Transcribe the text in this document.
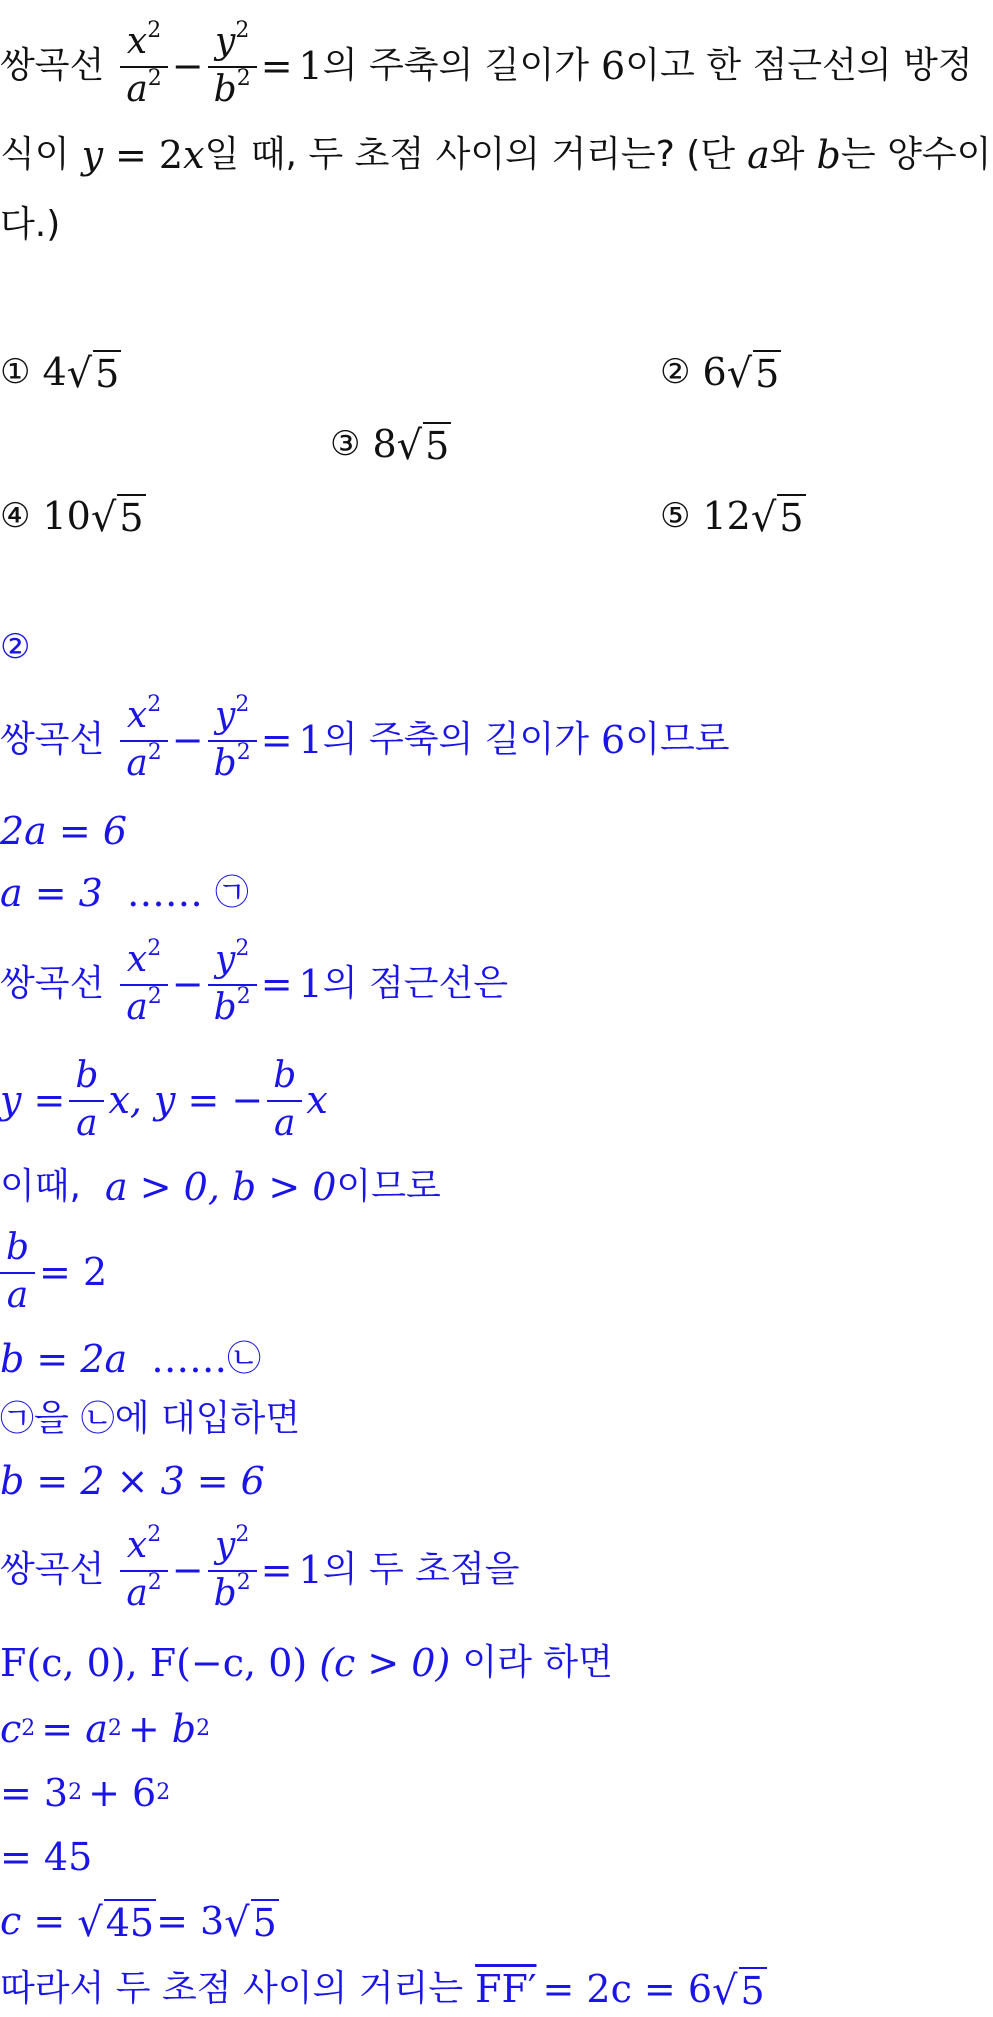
쌍곡선 $\frac{x^2}{a^2} - \frac{y^2}{b^2} = 1$ 의 주축의 길이가 6 이고 한 점근선의 방정
식이 y = 2 x 일 때, 두 초점 사이의 거리는? (단 a 와 b 는 양수이
다.)
① 4 √ 5	② 6 √ 5
③ 8 √ 5
④ 10 √ 5	⑤ 12 √ 5
②
쌍곡선 $\frac{x^2}{a^2} - \frac{y^2}{b^2} = 1$ 의 주축의 길이가 6 이므로
2a = 6
a = 3 …… ㉠
쌍곡선 $\frac{x^2}{a^2} - \frac{y^2}{b^2} = 1$ 의 점근선은
$y = \frac{b}{a} x$, y = − $\frac{b}{a}$ x
이때, a > 0, b > 0 이므로
$\frac{b}{a} = 2$
b = 2a …… ㉡
㉠ 을 ㉡ 에 대입하면
b = 2 × 3 = 6
쌍곡선 $\frac{x^2}{a^2} - \frac{y^2}{b^2} = 1$ 의 두 초점을
F(c, 0), F(−c, 0) (c > 0) 이라 하면
c 2 = a 2 + b 2
= 3 2 + 6 2
= 45
c = √ 45 = 3 √ 5
따라서 두 초점 사이의 거리는 FF′ = 2c = 6 √ 5
